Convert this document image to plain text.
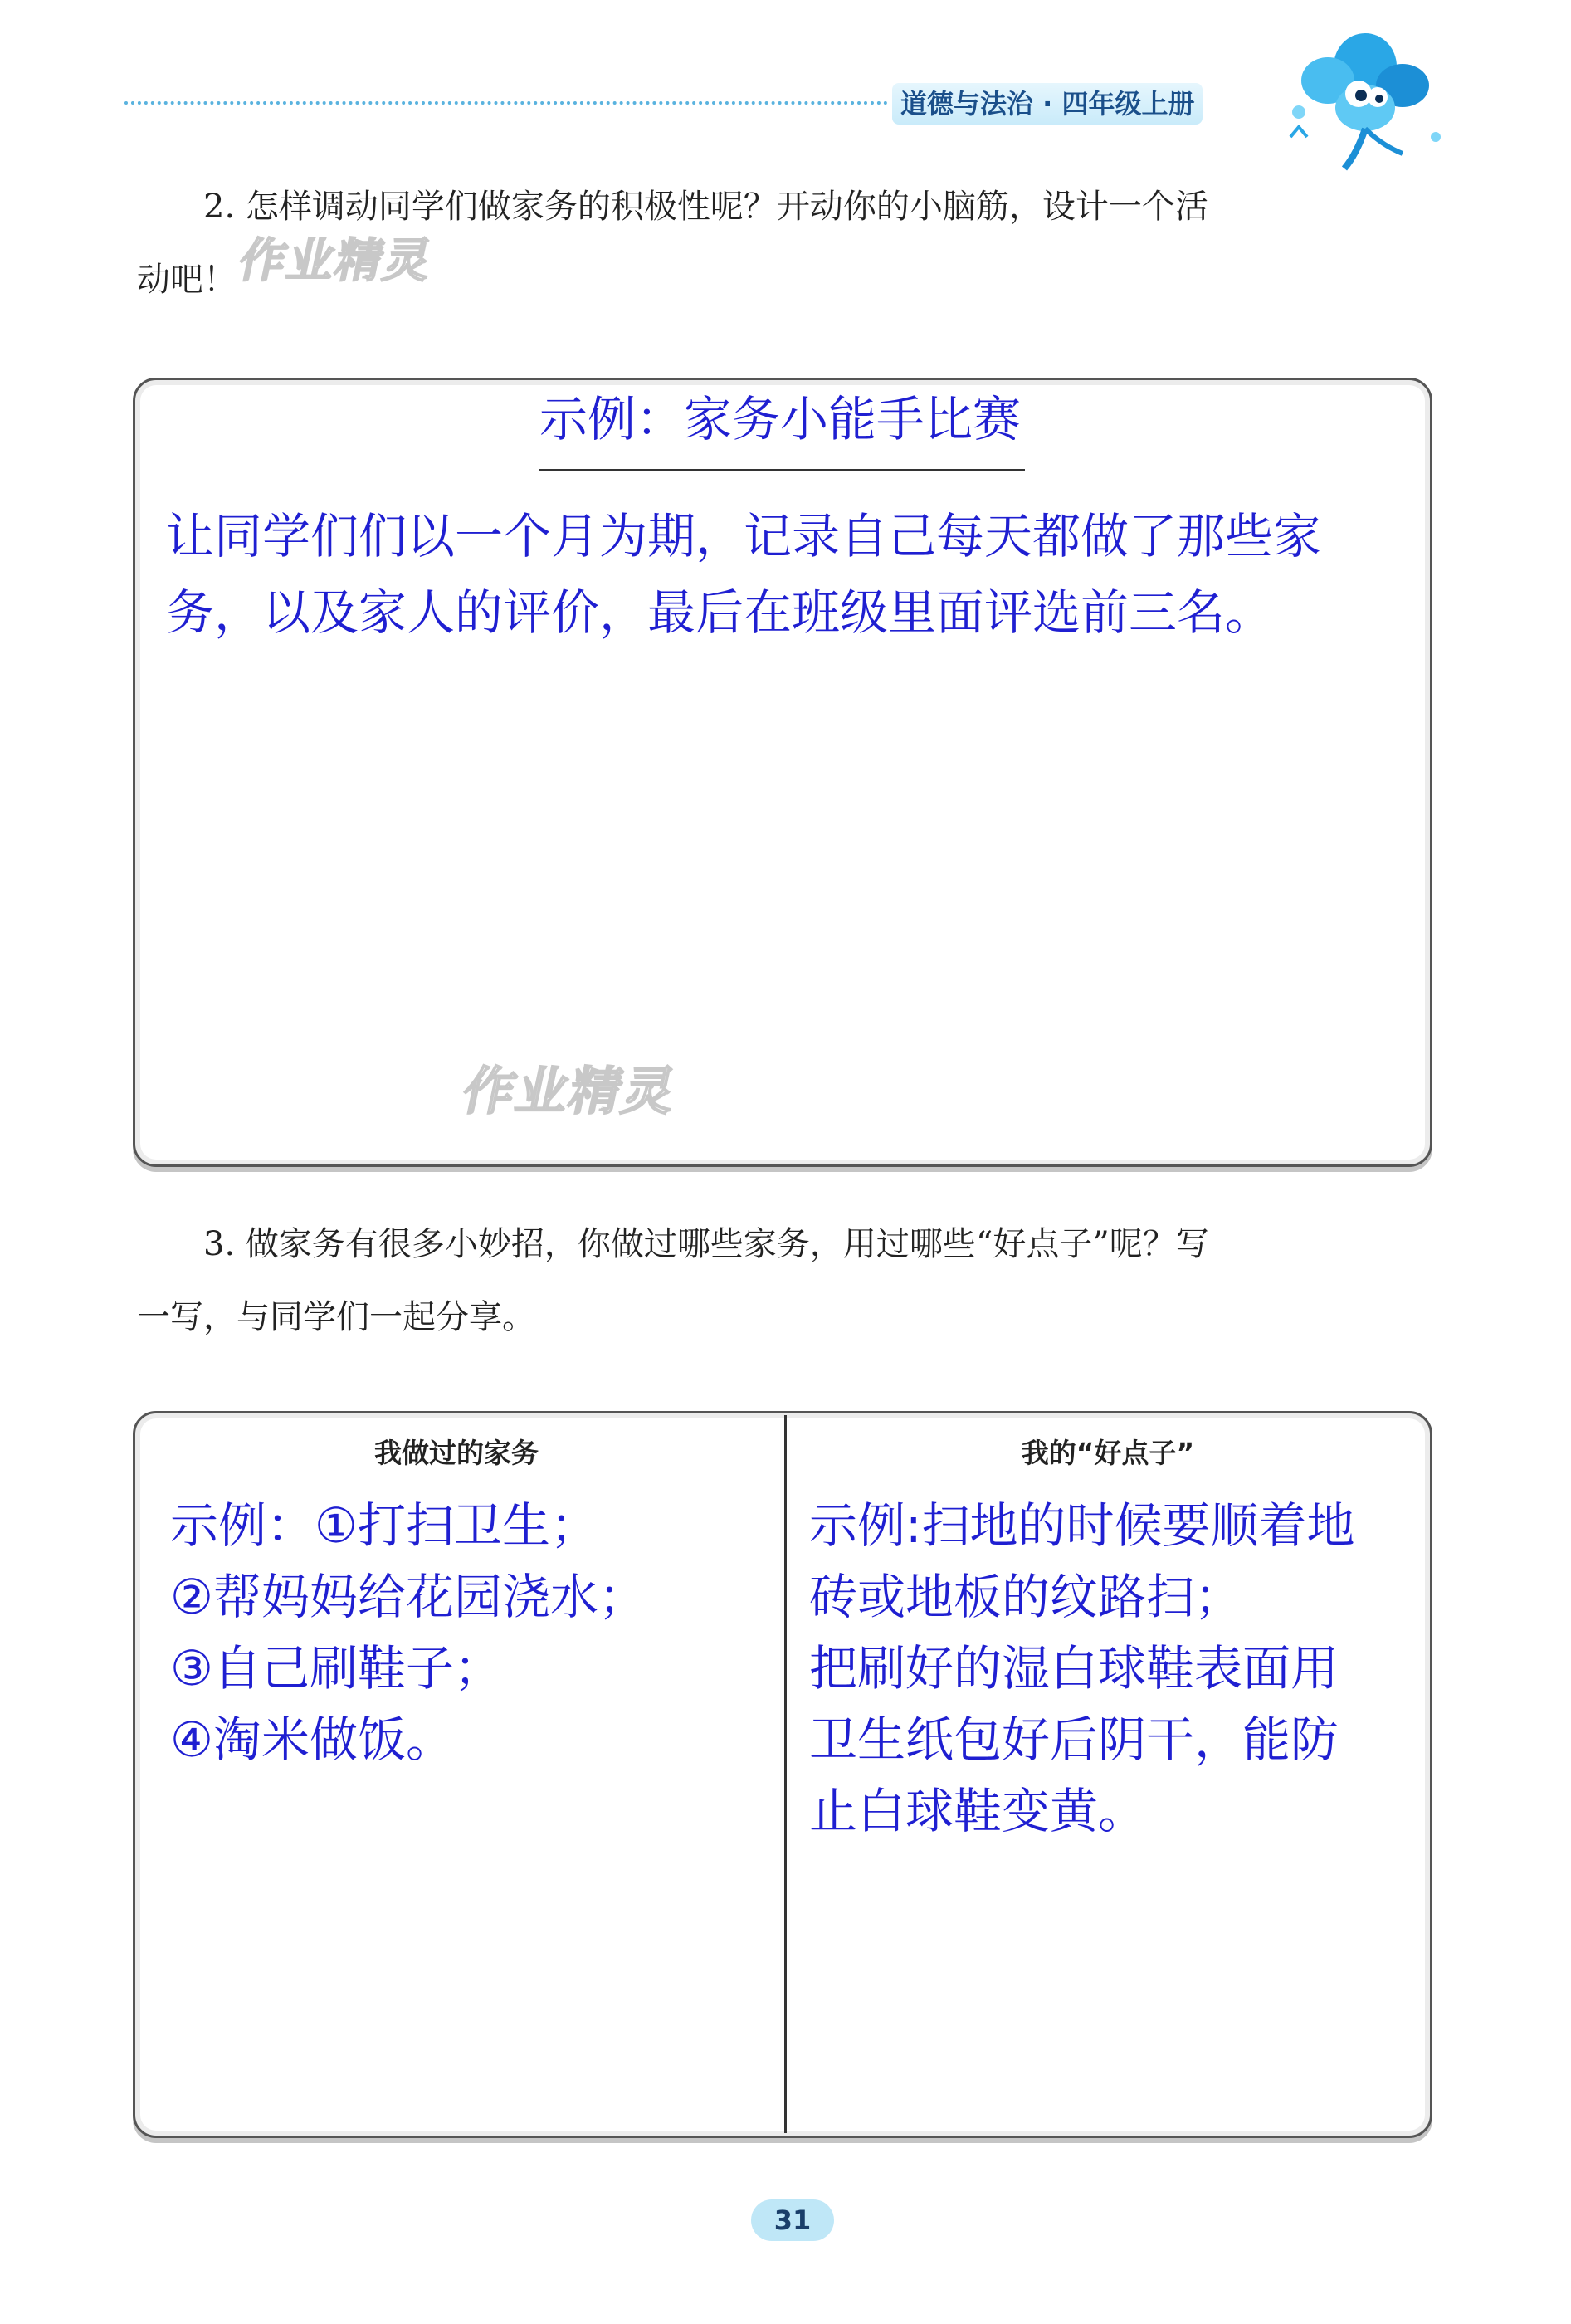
道德与法治 · 四年级上册
2. 怎样调动同学们做家务的积极性呢？开动你的小脑筋，设计一个活
动吧！
作业精灵
示例：家务小能手比赛
让同学们们以一个月为期，记录自己每天都做了那些家
务，以及家人的评价，最后在班级里面评选前三名。
作业精灵
3. 做家务有很多小妙招，你做过哪些家务，用过哪些“好点子”呢？写
一写，与同学们一起分享。
我做过的家务	我的“好点子”
示例：①打扫卫生；
②帮妈妈给花园浇水；
③自己刷鞋子；
④淘米做饭。
示例:扫地的时候要顺着地
砖或地板的纹路扫；
把刷好的湿白球鞋表面用
卫生纸包好后阴干，能防
止白球鞋变黄。
31
